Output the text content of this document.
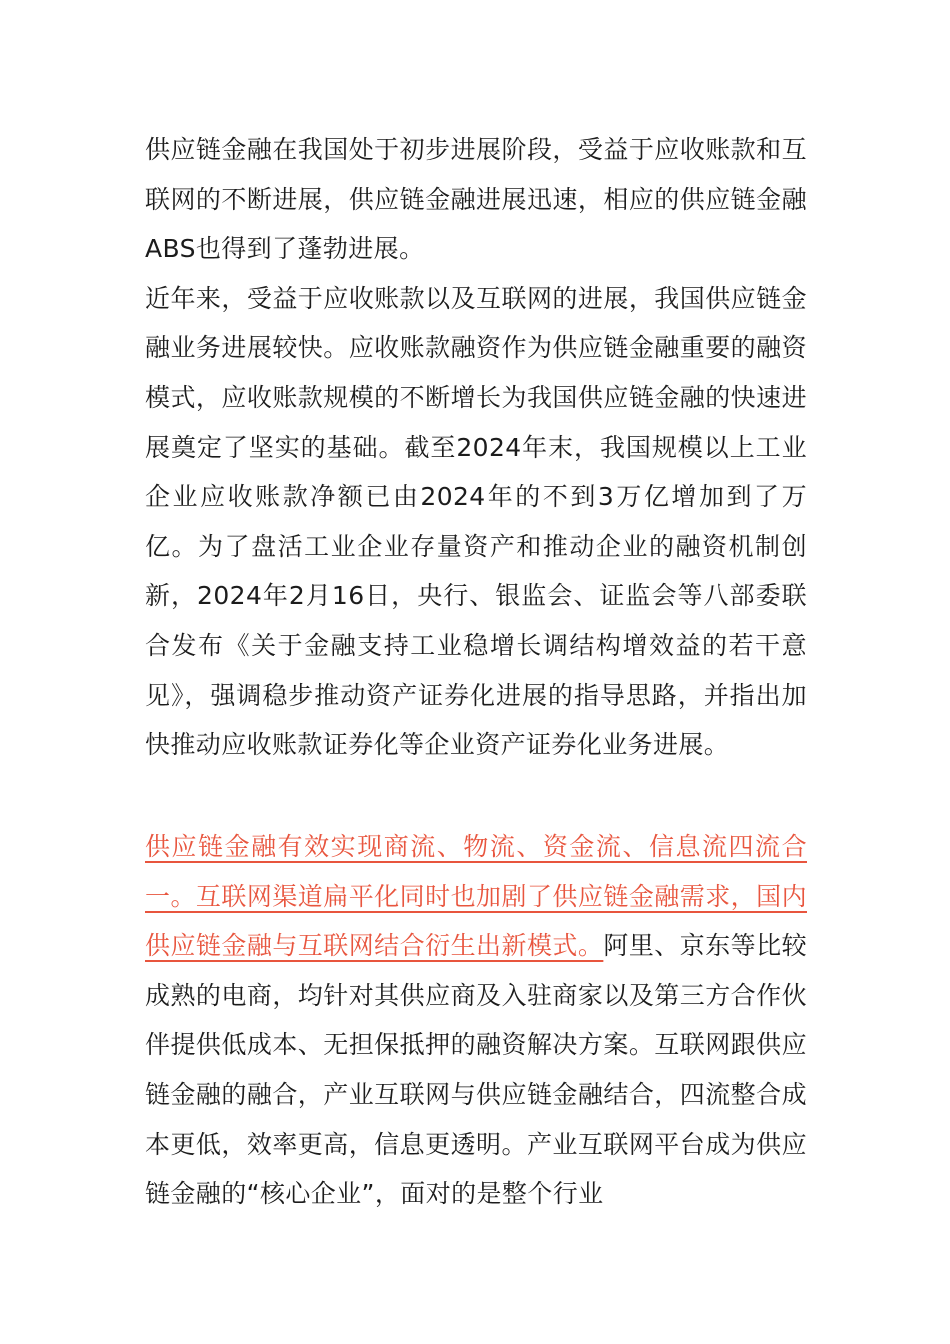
供应链金融在我国处于初步进展阶段，受益于应收账款和互联网的不断进展，供应链金融进展迅速，相应的供应链金融ABS也得到了蓬勃进展。

近年来，受益于应收账款以及互联网的进展，我国供应链金融业务进展较快。应收账款融资作为供应链金融重要的融资模式，应收账款规模的不断增长为我国供应链金融的快速进展奠定了坚实的基础。截至2024年末，我国规模以上工业企业应收账款净额已由2024年的不到3万亿增加到了万亿。为了盘活工业企业存量资产和推动企业的融资机制创新，2024年2月16日，央行、银监会、证监会等八部委联合发布《关于金融支持工业稳增长调结构增效益的若干意见》，强调稳步推动资产证券化进展的指导思路，并指出加快推动应收账款证券化等企业资产证券化业务进展。

供应链金融有效实现商流、物流、资金流、信息流四流合一。互联网渠道扁平化同时也加剧了供应链金融需求，国内供应链金融与互联网结合衍生出新模式。阿里、京东等比较成熟的电商，均针对其供应商及入驻商家以及第三方合作伙伴提供低成本、无担保抵押的融资解决方案。互联网跟供应链金融的融合，产业互联网与供应链金融结合，四流整合成本更低，效率更高，信息更透明。产业互联网平台成为供应链金融的“核心企业”，面对的是整个行业
